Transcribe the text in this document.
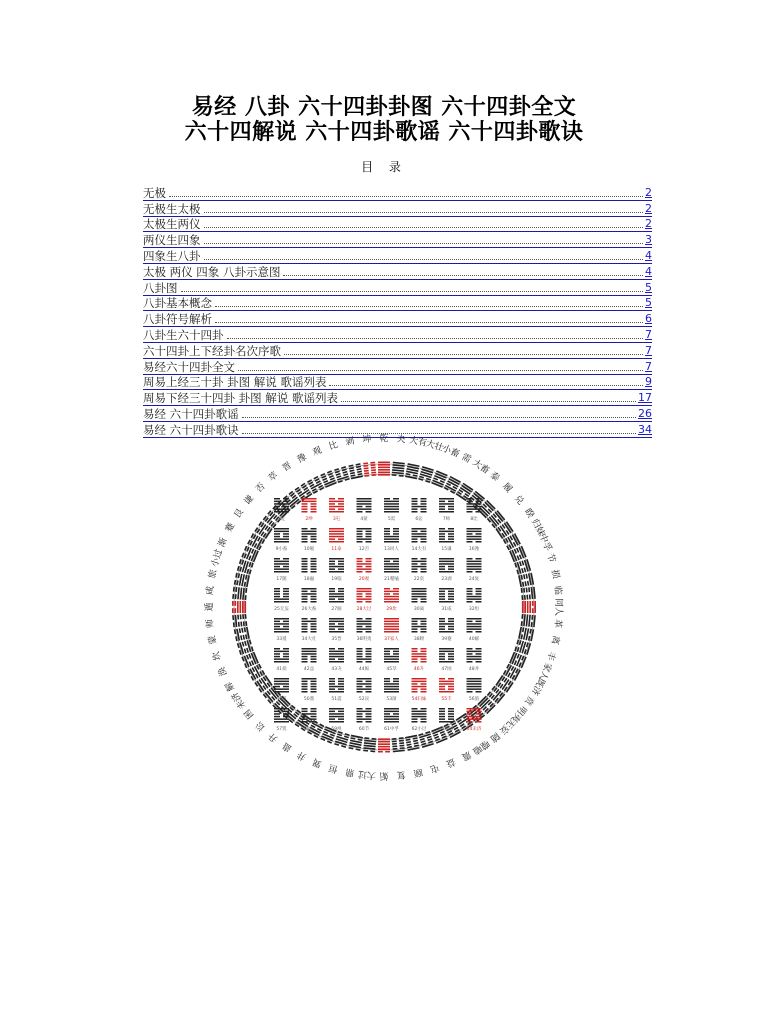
易经 八卦 六十四卦卦图 六十四卦全文
六十四解说 六十四卦歌谣 六十四卦歌诀
目 录
无极	2
无极生太极	2
太极生两仪	2
两仪生四象	3
四象生八卦	4
太极 两仪 四象 八卦示意图	4
八卦图	5
八卦基本概念	5
八卦符号解析	6
八卦生六十四卦	7
六十四卦上下经卦名次序歌	7
易经六十四卦全文	7
周易上经三十卦 卦图 解说 歌谣列表	9
周易下经三十四卦 卦图 解说 歌谣列表	17
易经 六十四卦歌谣	26
易经 六十四卦歌诀	34
乾 夬 大有
大壮
小畜
需
大畜
泰
履
兑
睽
归妹
中孚
节
损
临
同人
革
离
丰
家人
既济
贲
明夷
无妄
随
噬嗑
震
益
屯
颐
复
姤
大过
鼎
恒
巽
井
蛊
升
讼
困
未济
解
涣
坎
蒙
师
遁
咸
旅
小过
渐
蹇
艮
谦
否
萃
晋
豫
观 比 剥 坤
1乾	2坤	3屯	4蒙	5需	6讼	7师	8比
9小畜	10履	11泰	12否	13同人	14大有	15谦	16豫
17随	18蛊	19临	20观	21噬嗑	22贲	23剥	24复
25无妄	26大畜	27颐	28大过	29坎	30离	31咸	32恒
33遁	34大壮	35晋	36明夷	37家人	38睽	39蹇	40解
41损	42益	43夬	44姤	45萃	46升	47困	48井
49革	50鼎	51震	52艮	53渐	54归妹	55丰	56旅
57巽	58兑	59涣	60节	61中孚	62小过	63既济	64未济
